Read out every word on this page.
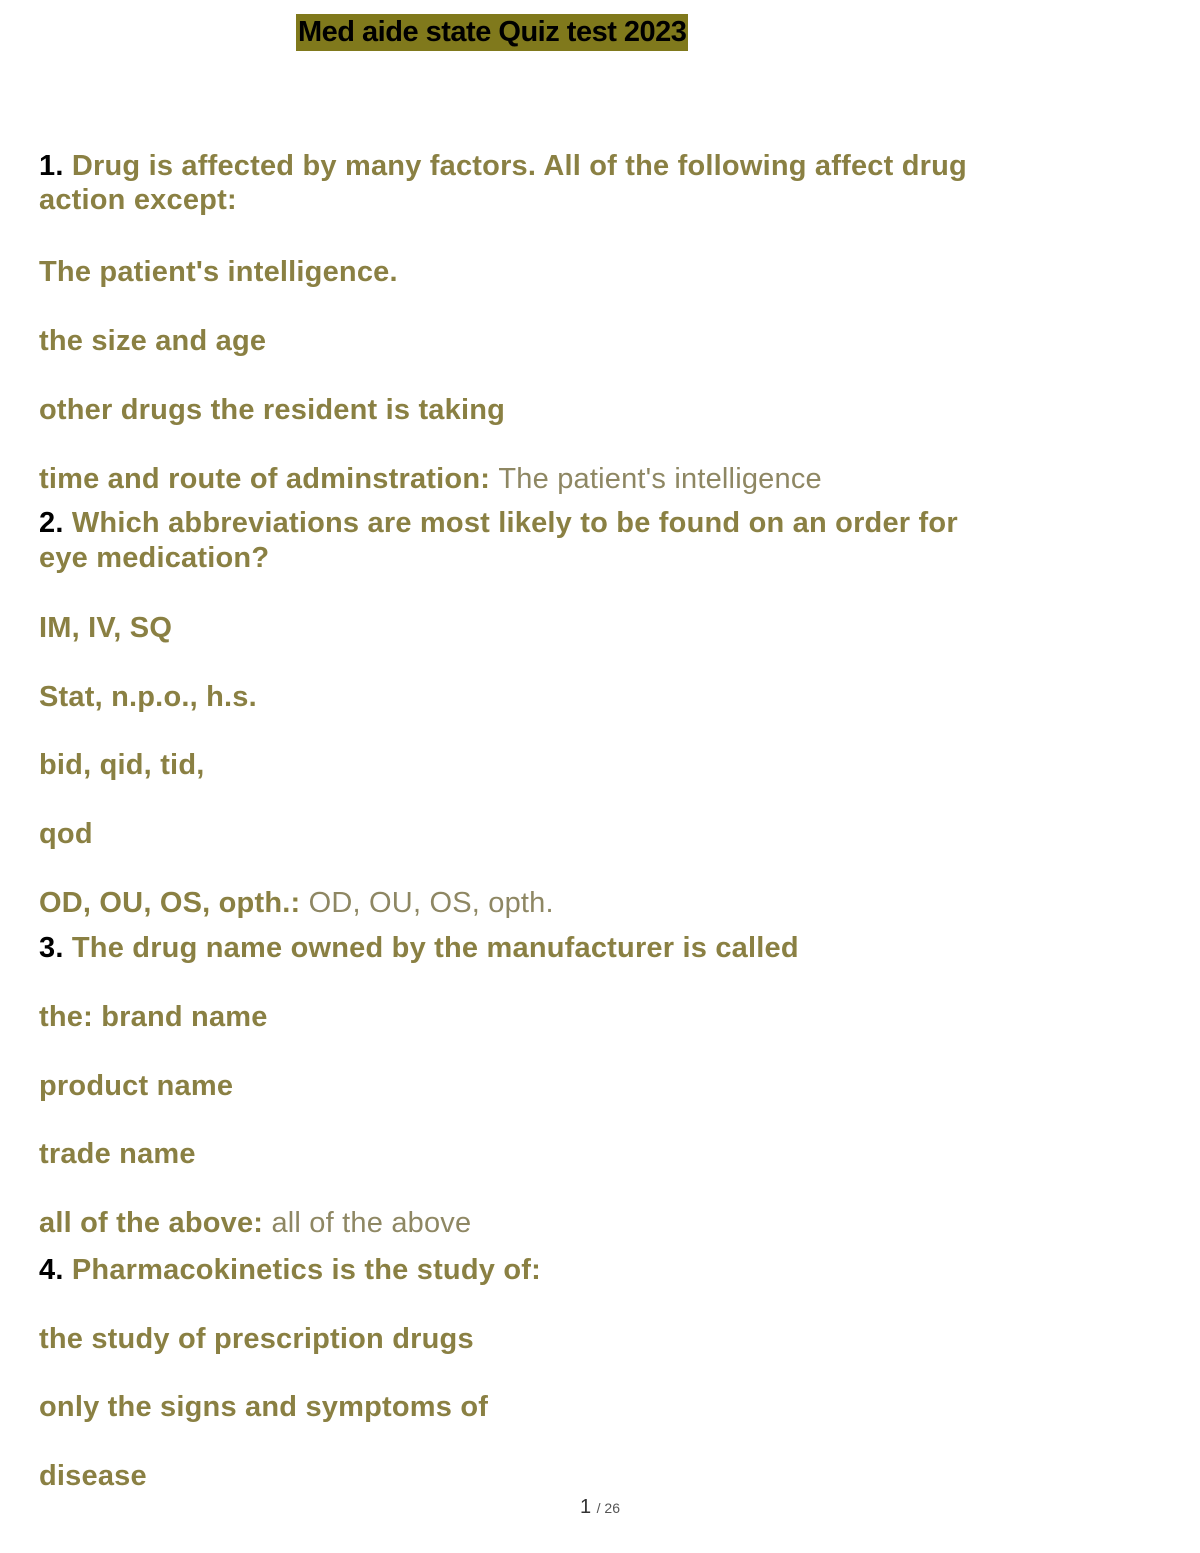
Med aide state Quiz test 2023
1. Drug is affected by many factors. All of the following affect drug
action except:
The patient's intelligence.
the size and age
other drugs the resident is taking
time and route of adminstration: The patient's intelligence
2. Which abbreviations are most likely to be found on an order for
eye medication?
IM, IV, SQ
Stat, n.p.o., h.s.
bid, qid, tid,
qod
OD, OU, OS, opth.: OD, OU, OS, opth.
3. The drug name owned by the manufacturer is called
the: brand name
product name
trade name
all of the above: all of the above
4. Pharmacokinetics is the study of:
the study of prescription drugs
only the signs and symptoms of
disease
1 / 26
